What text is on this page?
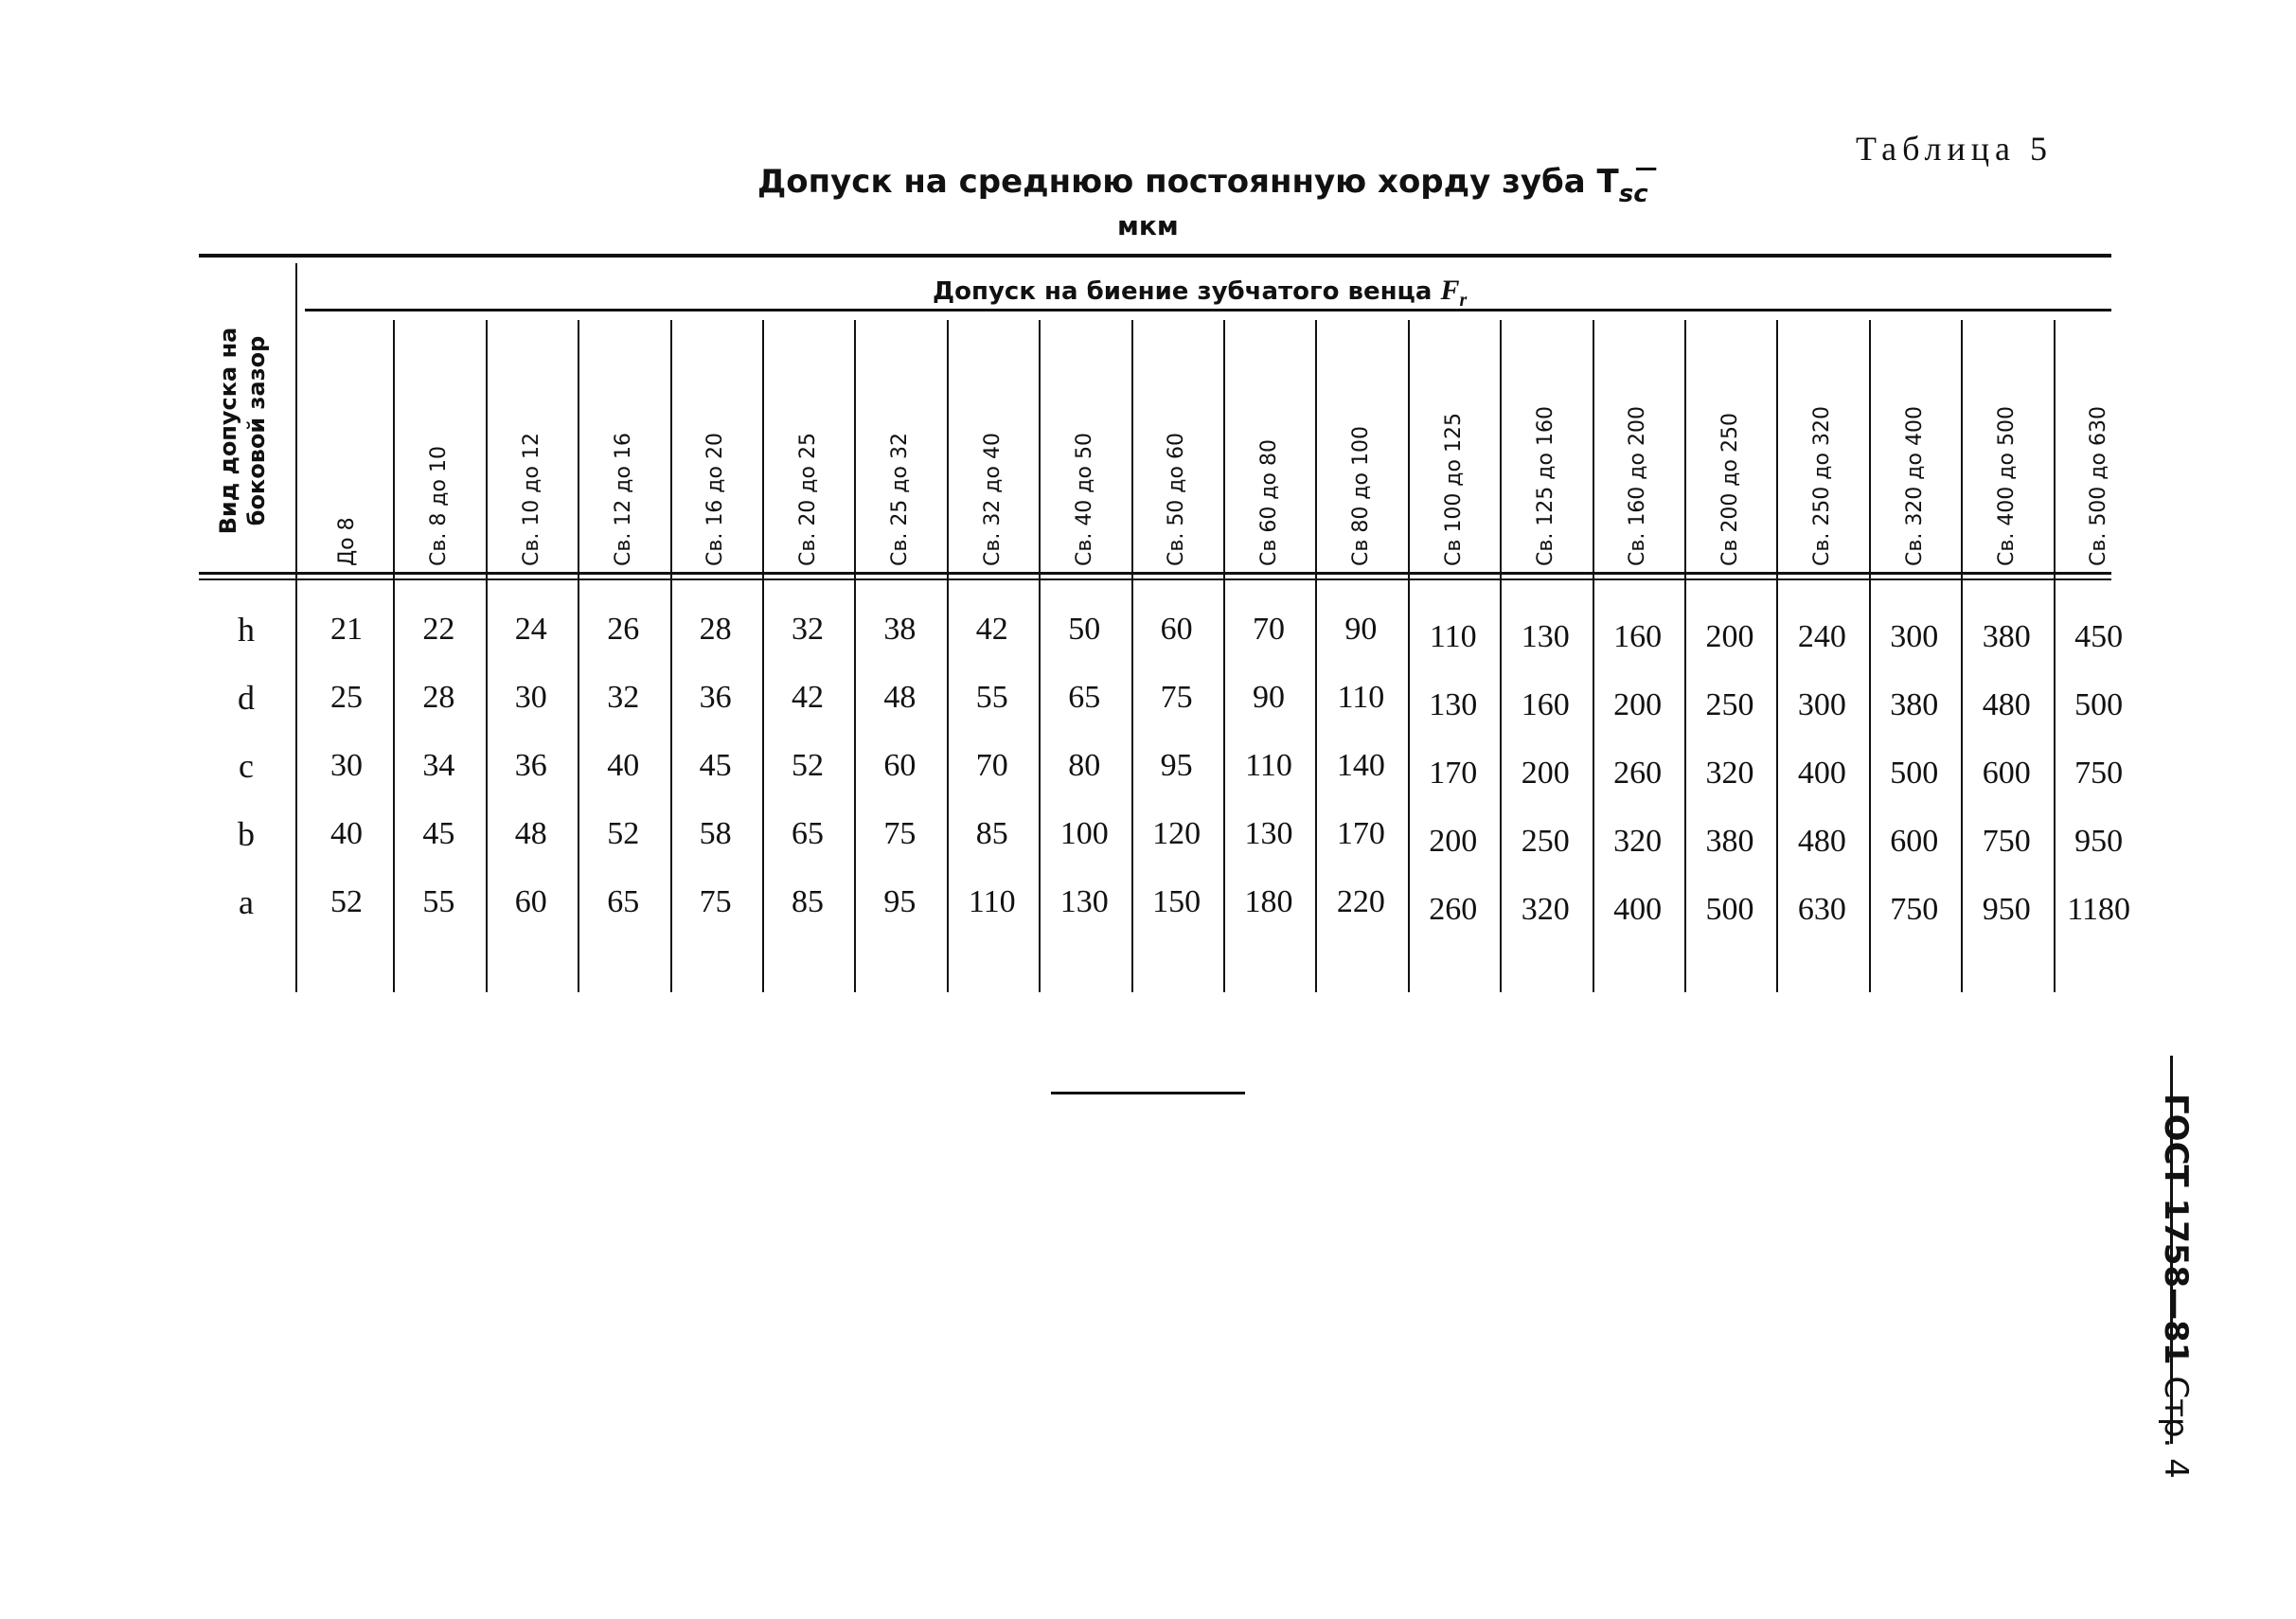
Таблица 5
Допуск на среднюю постоянную хорду зуба $T_{sc}^—$
мкм
Вид допуска на боковой зазор
Допуск на биение зубчатого венца $F_r$
До 8	Св. 8 до 10	Св. 10 до 12	Св. 12 до 16	Св. 16 до 20	Св. 20 до 25	Св. 25 до 32	Св. 32 до 40	Св. 40 до 50	Св. 50 до 60	Св 60 до 80	Св 80 до 100	Св 100 до 125	Св. 125 до 160	Св. 160 до 200	Св 200 до 250	Св. 250 до 320	Св. 320 до 400	Св. 400 до 500	Св. 500 до 630
h	21	22	24	26	28	32	38	42	50	60	70	90	110	130	160	200	240	300	380	450
d	25	28	30	32	36	42	48	55	65	75	90	110	130	160	200	250	300	380	480	500
c	30	34	36	40	45	52	60	70	80	95	110	140	170	200	260	320	400	500	600	750
b	40	45	48	52	58	65	75	85	100	120	130	170	200	250	320	380	480	600	750	950
a	52	55	60	65	75	85	95	110	130	150	180	220	260	320	400	500	630	750	950	1180
ГОСТ 1758—81 Стр. 4
